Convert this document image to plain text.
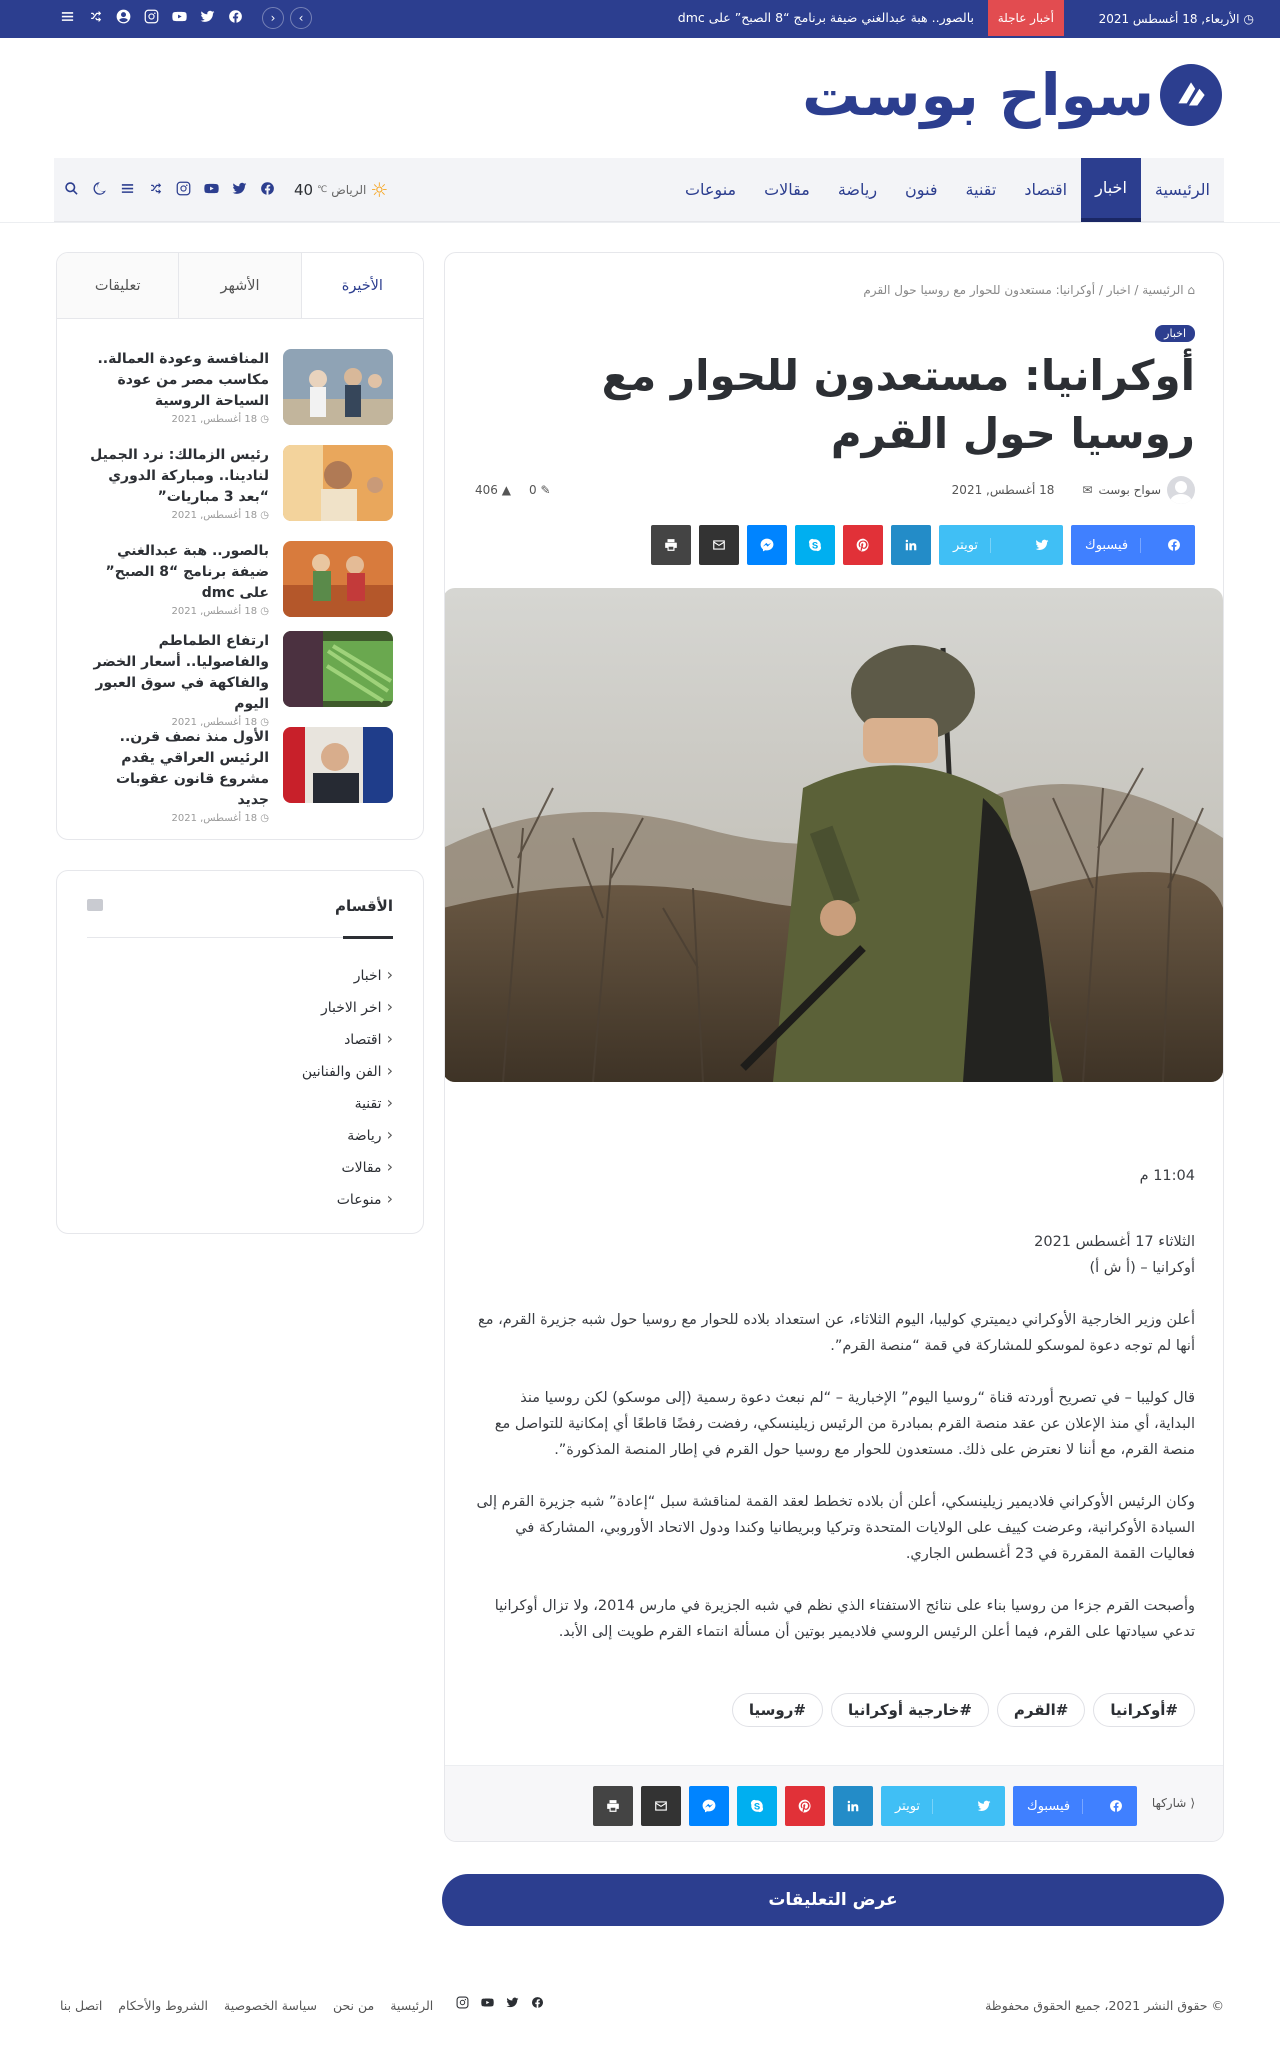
◷
الأربعاء, 18 أغسطس 2021
أخبار عاجلة
بالصور.. هبة عبدالغني ضيفة برنامج “8 الصبح” على dmc
›
‹
سواح بوست
الرئيسية
اخبار
اقتصاد
تقنية
فنون
رياضة
مقالات
منوعات
40 ℃ الرياض ☼
⌂ الرئيسية / اخبار / أوكرانيا: مستعدون للحوار مع روسيا حول القرم
اخبار
أوكرانيا: مستعدون للحوار مع روسيا حول القرم
سواح بوست
✉
18 أغسطس, 2021
406 ▲ 0 ✎
فيسبوك
تويتر

11:04 م

الثلاثاء 17 أغسطس 2021
أوكرانيا – (أ ش أ)

أعلن وزير الخارجية الأوكراني ديميتري كوليبا، اليوم الثلاثاء، عن استعداد بلاده للحوار مع روسيا حول شبه جزيرة القرم، مع أنها لم توجه دعوة لموسكو للمشاركة في قمة “منصة القرم”.

قال كوليبا – في تصريح أوردته قناة “روسيا اليوم” الإخبارية – “لم نبعث دعوة رسمية (إلى موسكو) لكن روسيا منذ البداية، أي منذ الإعلان عن عقد منصة القرم بمبادرة من الرئيس زيلينسكي، رفضت رفضًا قاطعًا أي إمكانية للتواصل مع منصة القرم، مع أننا لا نعترض على ذلك. مستعدون للحوار مع روسيا حول القرم في إطار المنصة المذكورة”.

وكان الرئيس الأوكراني فلاديمير زيلينسكي، أعلن أن بلاده تخطط لعقد القمة لمناقشة سبل “إعادة” شبه جزيرة القرم إلى السيادة الأوكرانية، وعرضت كييف على الولايات المتحدة وتركيا وبريطانيا وكندا ودول الاتحاد الأوروبي، المشاركة في فعاليات القمة المقررة في 23 أغسطس الجاري.

وأصبحت القرم جزءا من روسيا بناء على نتائج الاستفتاء الذي نظم في شبه الجزيرة في مارس 2014، ولا تزال أوكرانيا تدعي سيادتها على القرم، فيما أعلن الرئيس الروسي فلاديمير بوتين أن مسألة انتماء القرم طويت إلى الأبد.

#أوكرانيا
#القرم
#خارجية أوكرانيا
#روسيا
⟨
شاركها
فيسبوك
تويتر
عرض التعليقات
الأخيرة
الأشهر
تعليقات
المنافسة وعودة العمالة.. مكاسب مصر من عودة السياحة الروسية
◷ 18 أغسطس, 2021
رئيس الزمالك: نرد الجميل لنادينا.. ومباركة الدوري “بعد 3 مباريات”
◷ 18 أغسطس, 2021
بالصور.. هبة عبدالغني ضيفة برنامج “8 الصبح” على dmc
◷ 18 أغسطس, 2021
ارتفاع الطماطم والفاصوليا.. أسعار الخضر والفاكهة في سوق العبور اليوم
◷ 18 أغسطس, 2021
الأول منذ نصف قرن.. الرئيس العراقي يقدم مشروع قانون عقوبات جديد
◷ 18 أغسطس, 2021
الأقسام
‹ اخبار
‹ اخر الاخبار
‹ اقتصاد
‹ الفن والفنانين
‹ تقنية
‹ رياضة
‹ مقالات
‹ منوعات
© حقوق النشر 2021، جميع الحقوق محفوظة
الرئيسية
من نحن
سياسة الخصوصية
الشروط والأحكام
اتصل بنا
